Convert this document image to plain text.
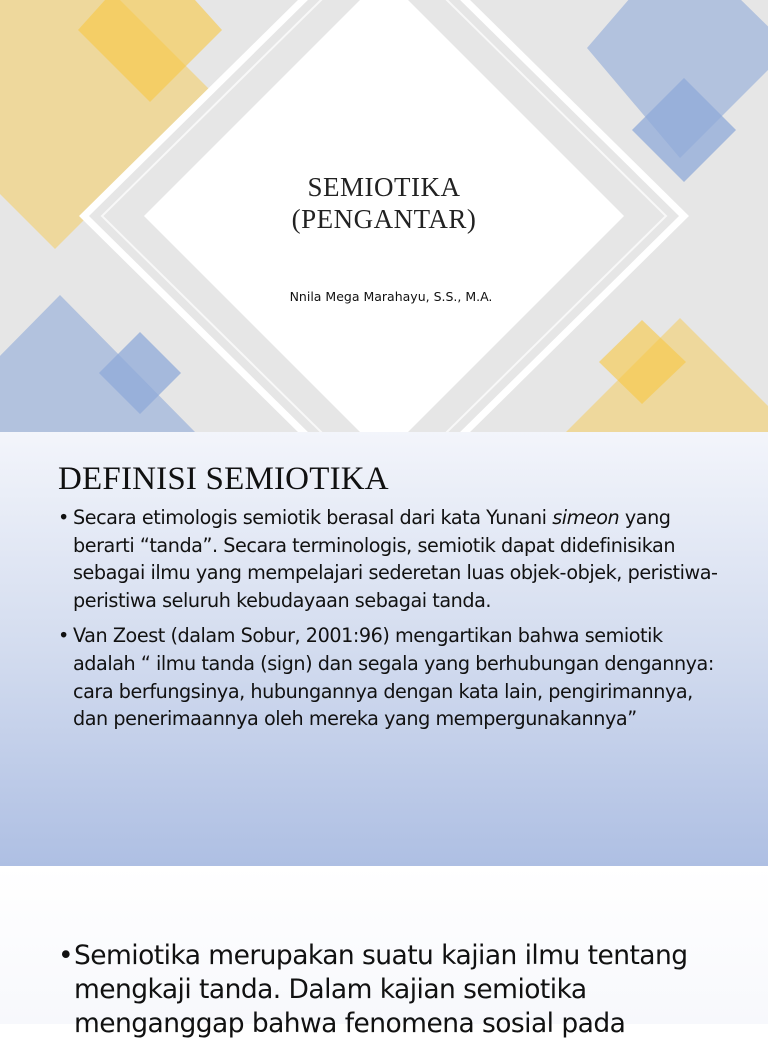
SEMIOTIKA
(PENGANTAR)
Nnila Mega Marahayu, S.S., M.A.
DEFINISI SEMIOTIKA
• Secara etimologis semiotik berasal dari kata Yunani simeon yang berarti “tanda”. Secara terminologis, semiotik dapat didefinisikan sebagai ilmu yang mempelajari sederetan luas objek-objek, peristiwa-peristiwa seluruh kebudayaan sebagai tanda.
• Van Zoest (dalam Sobur, 2001:96) mengartikan bahwa semiotik adalah “ ilmu tanda (sign) dan segala yang berhubungan dengannya: cara berfungsinya, hubungannya dengan kata lain, pengirimannya, dan penerimaannya oleh mereka yang mempergunakannya”
• Semiotika merupakan suatu kajian ilmu tentang mengkaji tanda. Dalam kajian semiotika menganggap bahwa fenomena sosial pada
